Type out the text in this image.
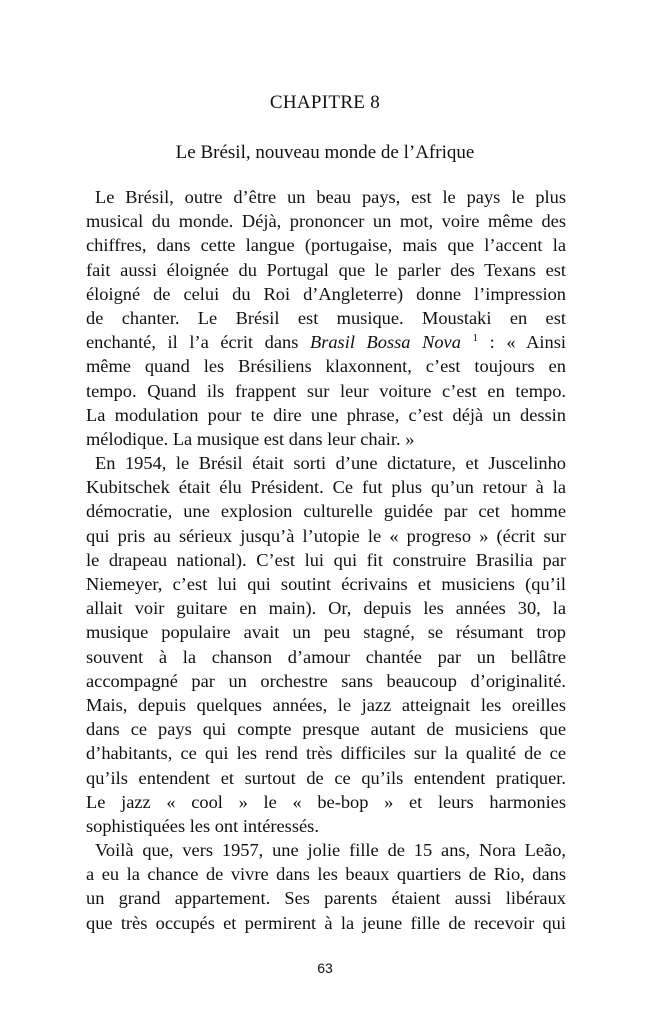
CHAPITRE 8
Le Brésil, nouveau monde de l’Afrique
Le Brésil, outre d’être un beau pays, est le pays le plus
musical du monde. Déjà, prononcer un mot, voire même des
chiffres, dans cette langue (portugaise, mais que l’accent la
fait aussi éloignée du Portugal que le parler des Texans est
éloigné de celui du Roi d’Angleterre) donne l’impression
de chanter. Le Brésil est musique. Moustaki en est
enchanté, il l’a écrit dans Brasil Bossa Nova $^1$ : « Ainsi
même quand les Brésiliens klaxonnent, c’est toujours en
tempo. Quand ils frappent sur leur voiture c’est en tempo.
La modulation pour te dire une phrase, c’est déjà un dessin
mélodique. La musique est dans leur chair. »
En 1954, le Brésil était sorti d’une dictature, et Juscelinho
Kubitschek était élu Président. Ce fut plus qu’un retour à la
démocratie, une explosion culturelle guidée par cet homme
qui pris au sérieux jusqu’à l’utopie le « progreso » (écrit sur
le drapeau national). C’est lui qui fit construire Brasilia par
Niemeyer, c’est lui qui soutint écrivains et musiciens (qu’il
allait voir guitare en main). Or, depuis les années 30, la
musique populaire avait un peu stagné, se résumant trop
souvent à la chanson d’amour chantée par un bellâtre
accompagné par un orchestre sans beaucoup d’originalité.
Mais, depuis quelques années, le jazz atteignait les oreilles
dans ce pays qui compte presque autant de musiciens que
d’habitants, ce qui les rend très difficiles sur la qualité de ce
qu’ils entendent et surtout de ce qu’ils entendent pratiquer.
Le jazz « cool » le « be-bop » et leurs harmonies
sophistiquées les ont intéressés.
Voilà que, vers 1957, une jolie fille de 15 ans, Nora Leão,
a eu la chance de vivre dans les beaux quartiers de Rio, dans
un grand appartement. Ses parents étaient aussi libéraux
que très occupés et permirent à la jeune fille de recevoir qui
63
